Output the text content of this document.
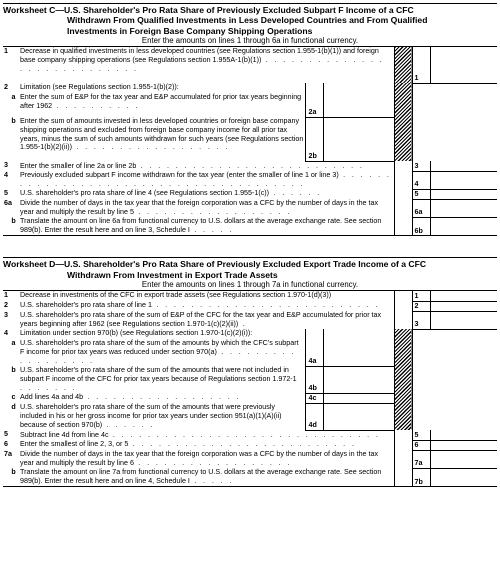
Worksheet C—U.S. Shareholder's Pro Rata Share of Previously Excluded Subpart F Income of a CFC
Withdrawn From Qualified Investments in Less Developed Countries and From Qualified
Investments in Foreign Base Company Shipping Operations
Enter the amounts on lines 1 through 6a in functional currency.
1	Decrease in qualified investments in less developed countries (see Regulations section 1.955-1(b)(1)) and foreign base company shipping operations (see Regulations section 1.955A-1(b)(1)) . . . . . . . . . . . . . . . . . . . . . . . . . . . .				1	
2	Limitation (see Regulations section 1.955-1(b)(2)):					
a	Enter the sum of E&P for the tax year and E&P accumulated for prior tax years beginning after 1962 . . . . . . . . . .	2a				
b	Enter the sum of amounts invested in less developed countries or foreign base company shipping operations and excluded from foreign base company income for all prior tax years, minus the sum of such amounts withdrawn for such years (see Regulations section 1.955-1(b)(2)(ii)) . . . . . . . . . . . . . . . . . .	2b				
3	Enter the smaller of line 2a or line 2b . . . . . . . . . . . . . . . . . . . . . . . . . .				3	
4	Previously excluded subpart F income withdrawn for the tax year (enter the smaller of line 1 or line 3) . . . . . . . . . . . . . . . . . . . . . . . . . . . . . . . . . . . . . . .				4	
5	U.S. shareholder's pro rata share of line 4 (see Regulations section 1.955-1(c)) . . . . . .				5	
6a	Divide the number of days in the tax year that the foreign corporation was a CFC by the number of days in the tax year and multiply the result by line 5 . . . . . . . . . . . . . . . . . .				6a	
b	Translate the amount on line 6a from functional currency to U.S. dollars at the average exchange rate. See section 989(b). Enter the result here and on line 3, Schedule I . . . . .				6b	
Worksheet D—U.S. Shareholder's Pro Rata Share of Previously Excluded Export Trade Income of a CFC
Withdrawn From Investment in Export Trade Assets
Enter the amounts on lines 1 through 7a in functional currency.
1	Decrease in investments of the CFC in export trade assets (see Regulations section 1.970-1(d)(3))				1	
2	U.S. shareholder's pro rata share of line 1 . . . . . . . . . . . . . . . . . . . . . . . . . .				2	
3	U.S. shareholder's pro rata share of the sum of E&P of the CFC for the tax year and E&P accumulated for prior tax years beginning after 1962 (see Regulations section 1.970-1(c)(2)(ii)) .				3	
4	Limitation under section 970(b) (see Regulations section 1.970-1(c)(2)(i)):					
a	U.S. shareholder's pro rata share of the sum of the amounts by which the CFC's subpart F income for prior tax years was reduced under section 970(a) . . . . . . . . . . . . . . . . . .	4a				
b	U.S. shareholder's pro rata share of the sum of the amounts that were not included in subpart F income of the CFC for prior tax years because of Regulations section 1.972-1 . . . . . . .	4b				
c	Add lines 4a and 4b . . . . . . . . . . . . . . . . . .	4c				
d	U.S. shareholder's pro rata share of the sum of the amounts that were previously included in his or her gross income for prior tax years under section 951(a)(1)(A)(ii) because of section 970(b) . . . . . .	4d				
5	Subtract line 4d from line 4c . . . . . . . . . . . . . . . . . . . . . . . . . . . . . . .				5	
6	Enter the smallest of line 2, 3, or 5 . . . . . . . . . . . . . . . . . . . . . . . . . .				6	
7a	Divide the number of days in the tax year that the foreign corporation was a CFC by the number of days in the tax year and multiply the result by line 6 . . . . . . . . . . . . . . . . . .				7a	
b	Translate the amount on line 7a from functional currency to U.S. dollars at the average exchange rate. See section 989(b). Enter the result here and on line 4, Schedule I . . . . .				7b	
